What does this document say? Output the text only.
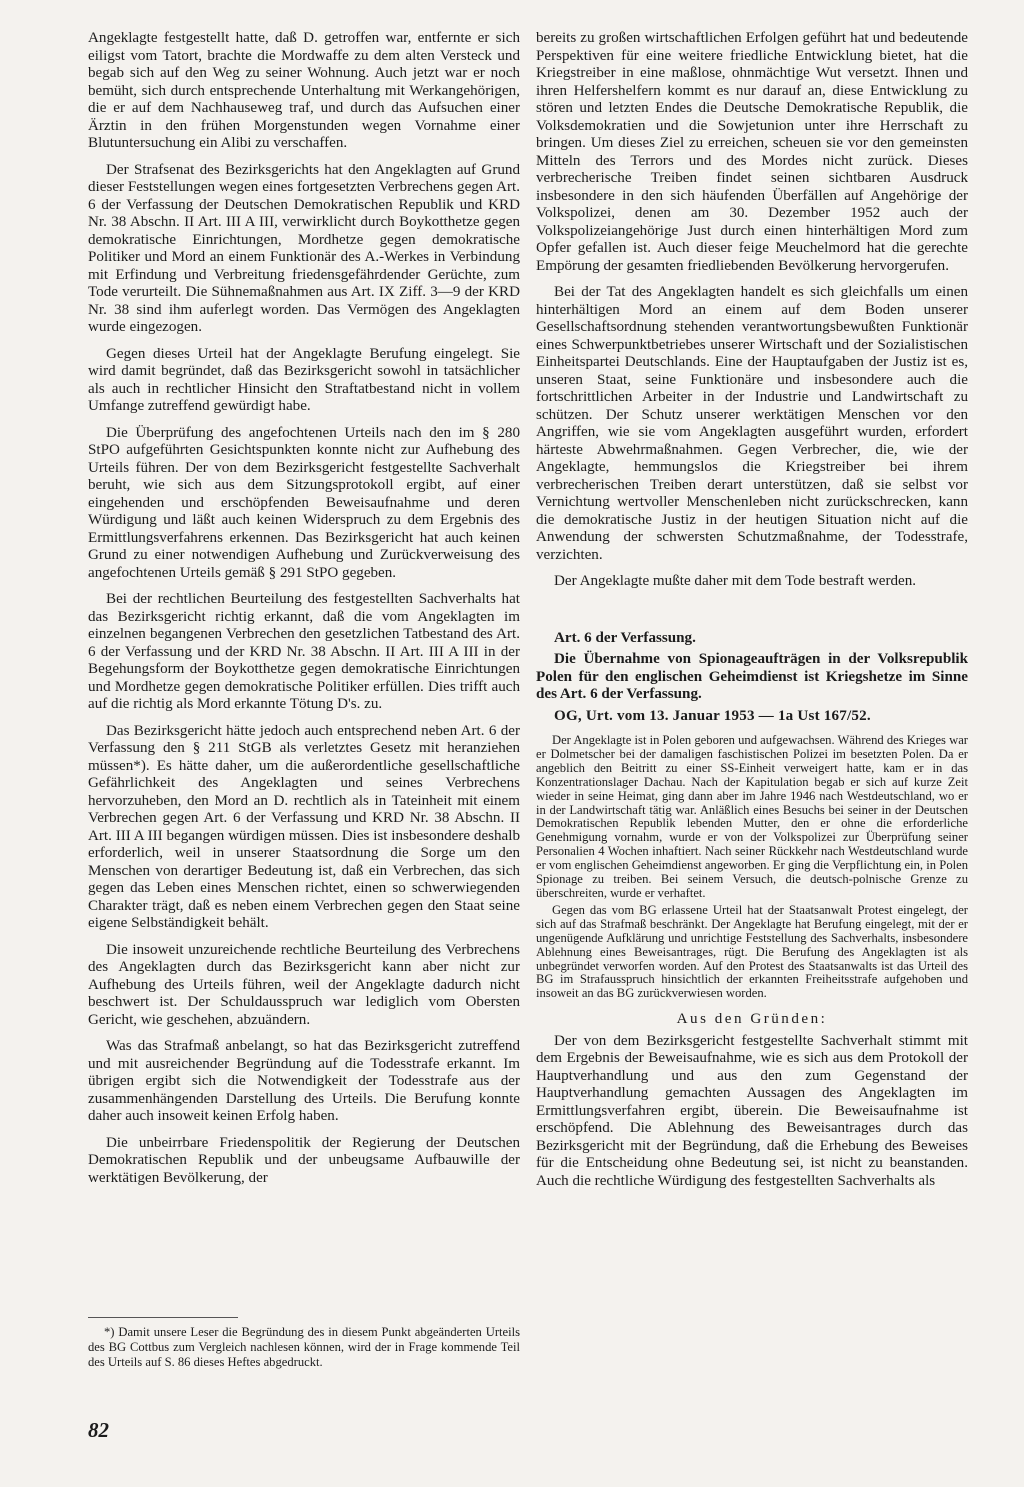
Angeklagte festgestellt hatte, daß D. getroffen war, entfernte er sich eiligst vom Tatort, brachte die Mordwaffe zu dem alten Versteck und begab sich auf den Weg zu seiner Wohnung. Auch jetzt war er noch bemüht, sich durch entsprechende Unterhaltung mit Werkangehörigen, die er auf dem Nachhauseweg traf, und durch das Aufsuchen einer Ärztin in den frühen Morgenstunden wegen Vornahme einer Blutuntersuchung ein Alibi zu verschaffen.

Der Strafsenat des Bezirksgerichts hat den Angeklagten auf Grund dieser Feststellungen wegen eines fortgesetzten Verbrechens gegen Art. 6 der Verfassung der Deutschen Demokratischen Republik und KRD Nr. 38 Abschn. II Art. III A III, verwirklicht durch Boykotthetze gegen demokratische Einrichtungen, Mordhetze gegen demokratische Politiker und Mord an einem Funktionär des A.-Werkes in Verbindung mit Erfindung und Verbreitung friedensgefährdender Gerüchte, zum Tode verurteilt. Die Sühnemaßnahmen aus Art. IX Ziff. 3—9 der KRD Nr. 38 sind ihm auferlegt worden. Das Vermögen des Angeklagten wurde eingezogen.

Gegen dieses Urteil hat der Angeklagte Berufung eingelegt. Sie wird damit begründet, daß das Bezirksgericht sowohl in tatsächlicher als auch in rechtlicher Hinsicht den Straftatbestand nicht in vollem Umfange zutreffend gewürdigt habe.

Die Überprüfung des angefochtenen Urteils nach den im § 280 StPO aufgeführten Gesichtspunkten konnte nicht zur Aufhebung des Urteils führen. Der von dem Bezirksgericht festgestellte Sachverhalt beruht, wie sich aus dem Sitzungsprotokoll ergibt, auf einer eingehenden und erschöpfenden Beweisaufnahme und deren Würdigung und läßt auch keinen Widerspruch zu dem Ergebnis des Ermittlungsverfahrens erkennen. Das Bezirksgericht hat auch keinen Grund zu einer notwendigen Aufhebung und Zurückverweisung des angefochtenen Urteils gemäß § 291 StPO gegeben.

Bei der rechtlichen Beurteilung des festgestellten Sachverhalts hat das Bezirksgericht richtig erkannt, daß die vom Angeklagten im einzelnen begangenen Verbrechen den gesetzlichen Tatbestand des Art. 6 der Verfassung und der KRD Nr. 38 Abschn. II Art. III A III in der Begehungsform der Boykotthetze gegen demokratische Einrichtungen und Mordhetze gegen demokratische Politiker erfüllen. Dies trifft auch auf die richtig als Mord erkannte Tötung D's. zu.

Das Bezirksgericht hätte jedoch auch entsprechend neben Art. 6 der Verfassung den § 211 StGB als verletztes Gesetz mit heranziehen müssen*). Es hätte daher, um die außerordentliche gesellschaftliche Gefährlichkeit des Angeklagten und seines Verbrechens hervorzuheben, den Mord an D. rechtlich als in Tateinheit mit einem Verbrechen gegen Art. 6 der Verfassung und KRD Nr. 38 Abschn. II Art. III A III begangen würdigen müssen. Dies ist insbesondere deshalb erforderlich, weil in unserer Staatsordnung die Sorge um den Menschen von derartiger Bedeutung ist, daß ein Verbrechen, das sich gegen das Leben eines Menschen richtet, einen so schwerwiegenden Charakter trägt, daß es neben einem Verbrechen gegen den Staat seine eigene Selbständigkeit behält.

Die insoweit unzureichende rechtliche Beurteilung des Verbrechens des Angeklagten durch das Bezirksgericht kann aber nicht zur Aufhebung des Urteils führen, weil der Angeklagte dadurch nicht beschwert ist. Der Schuldausspruch war lediglich vom Obersten Gericht, wie geschehen, abzuändern.

Was das Strafmaß anbelangt, so hat das Bezirksgericht zutreffend und mit ausreichender Begründung auf die Todesstrafe erkannt. Im übrigen ergibt sich die Notwendigkeit der Todesstrafe aus der zusammenhängenden Darstellung des Urteils. Die Berufung konnte daher auch insoweit keinen Erfolg haben.

Die unbeirrbare Friedenspolitik der Regierung der Deutschen Demokratischen Republik und der unbeugsame Aufbauwille der werktätigen Bevölkerung, der

*) Damit unsere Leser die Begründung des in diesem Punkt abgeänderten Urteils des BG Cottbus zum Vergleich nachlesen können, wird der in Frage kommende Teil des Urteils auf S. 86 dieses Heftes abgedruckt.

82

bereits zu großen wirtschaftlichen Erfolgen geführt hat und bedeutende Perspektiven für eine weitere friedliche Entwicklung bietet, hat die Kriegstreiber in eine maßlose, ohnmächtige Wut versetzt. Ihnen und ihren Helfershelfern kommt es nur darauf an, diese Entwicklung zu stören und letzten Endes die Deutsche Demokratische Republik, die Volksdemokratien und die Sowjetunion unter ihre Herrschaft zu bringen. Um dieses Ziel zu erreichen, scheuen sie vor den gemeinsten Mitteln des Terrors und des Mordes nicht zurück. Dieses verbrecherische Treiben findet seinen sichtbaren Ausdruck insbesondere in den sich häufenden Überfällen auf Angehörige der Volkspolizei, denen am 30. Dezember 1952 auch der Volkspolizeiangehörige Just durch einen hinterhältigen Mord zum Opfer gefallen ist. Auch dieser feige Meuchelmord hat die gerechte Empörung der gesamten friedliebenden Bevölkerung hervorgerufen.

Bei der Tat des Angeklagten handelt es sich gleichfalls um einen hinterhältigen Mord an einem auf dem Boden unserer Gesellschaftsordnung stehenden verantwortungsbewußten Funktionär eines Schwerpunktbetriebes unserer Wirtschaft und der Sozialistischen Einheitspartei Deutschlands. Eine der Hauptaufgaben der Justiz ist es, unseren Staat, seine Funktionäre und insbesondere auch die fortschrittlichen Arbeiter in der Industrie und Landwirtschaft zu schützen. Der Schutz unserer werktätigen Menschen vor den Angriffen, wie sie vom Angeklagten ausgeführt wurden, erfordert härteste Abwehrmaßnahmen. Gegen Verbrecher, die, wie der Angeklagte, hemmungslos die Kriegstreiber bei ihrem verbrecherischen Treiben derart unterstützen, daß sie selbst vor Vernichtung wertvoller Menschenleben nicht zurückschrecken, kann die demokratische Justiz in der heutigen Situation nicht auf die Anwendung der schwersten Schutzmaßnahme, der Todesstrafe, verzichten.

Der Angeklagte mußte daher mit dem Tode bestraft werden.

Art. 6 der Verfassung.
Die Übernahme von Spionageaufträgen in der Volksrepublik Polen für den englischen Geheimdienst ist Kriegshetze im Sinne des Art. 6 der Verfassung.
OG, Urt. vom 13. Januar 1953 — 1a Ust 167/52.

Der Angeklagte ist in Polen geboren und aufgewachsen. Während des Krieges war er Dolmetscher bei der damaligen faschistischen Polizei im besetzten Polen. Da er angeblich den Beitritt zu einer SS-Einheit verweigert hatte, kam er in das Konzentrationslager Dachau. Nach der Kapitulation begab er sich auf kurze Zeit wieder in seine Heimat, ging dann aber im Jahre 1946 nach Westdeutschland, wo er in der Landwirtschaft tätig war. Anläßlich eines Besuchs bei seiner in der Deutschen Demokratischen Republik lebenden Mutter, den er ohne die erforderliche Genehmigung vornahm, wurde er von der Volkspolizei zur Überprüfung seiner Personalien 4 Wochen inhaftiert. Nach seiner Rückkehr nach Westdeutschland wurde er vom englischen Geheimdienst angeworben. Er ging die Verpflichtung ein, in Polen Spionage zu treiben. Bei seinem Versuch, die deutsch-polnische Grenze zu überschreiten, wurde er verhaftet.

Gegen das vom BG erlassene Urteil hat der Staatsanwalt Protest eingelegt, der sich auf das Strafmaß beschränkt. Der Angeklagte hat Berufung eingelegt, mit der er ungenügende Aufklärung und unrichtige Feststellung des Sachverhalts, insbesondere Ablehnung eines Beweisantrages, rügt. Die Berufung des Angeklagten ist als unbegründet verworfen worden. Auf den Protest des Staatsanwalts ist das Urteil des BG im Strafausspruch hinsichtlich der erkannten Freiheitsstrafe aufgehoben und insoweit an das BG zurückverwiesen worden.

Aus den Gründen:

Der von dem Bezirksgericht festgestellte Sachverhalt stimmt mit dem Ergebnis der Beweisaufnahme, wie es sich aus dem Protokoll der Hauptverhandlung und aus den zum Gegenstand der Hauptverhandlung gemachten Aussagen des Angeklagten im Ermittlungsverfahren ergibt, überein. Die Beweisaufnahme ist erschöpfend. Die Ablehnung des Beweisantrages durch das Bezirksgericht mit der Begründung, daß die Erhebung des Beweises für die Entscheidung ohne Bedeutung sei, ist nicht zu beanstanden. Auch die rechtliche Würdigung des festgestellten Sachverhalts als
